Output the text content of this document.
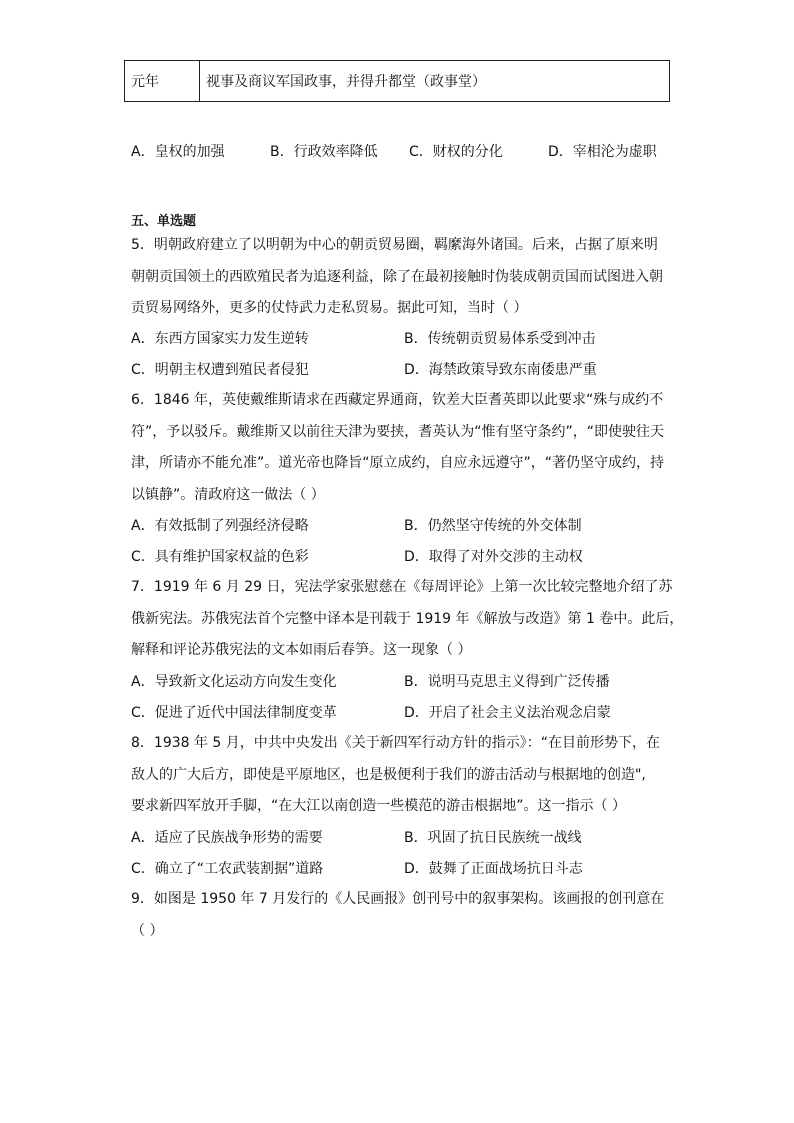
元年	视事及商议军国政事，并得升都堂（政事堂）
A．皇权的加强	B．行政效率降低	C．财权的分化	D．宰相沦为虚职
五、单选题
5．明朝政府建立了以明朝为中心的朝贡贸易圈，羁縻海外诸国。后来，占据了原来明
朝朝贡国领土的西欧殖民者为追逐利益，除了在最初接触时伪装成朝贡国而试图进入朝
贡贸易网络外，更多的仗恃武力走私贸易。据此可知，当时（ ）
A．东西方国家实力发生逆转	B．传统朝贡贸易体系受到冲击
C．明朝主权遭到殖民者侵犯	D．海禁政策导致东南倭患严重
6．1846 年，英使戴维斯请求在西藏定界通商，钦差大臣耆英即以此要求“殊与成约不
符”，予以驳斥。戴维斯又以前往天津为要挟，耆英认为“惟有坚守条约”，“即使驶往天
津，所请亦不能允准”。道光帝也降旨“原立成约，自应永远遵守”，“著仍坚守成约，持
以镇静”。清政府这一做法（ ）
A．有效抵制了列强经济侵略	B．仍然坚守传统的外交体制
C．具有维护国家权益的色彩	D．取得了对外交涉的主动权
7．1919 年 6 月 29 日，宪法学家张慰慈在《每周评论》上第一次比较完整地介绍了苏
俄新宪法。苏俄宪法首个完整中译本是刊载于 1919 年《解放与改造》第 1 卷中。此后，
解释和评论苏俄宪法的文本如雨后春笋。这一现象（ ）
A．导致新文化运动方向发生变化	B．说明马克思主义得到广泛传播
C．促进了近代中国法律制度变革	D．开启了社会主义法治观念启蒙
8．1938 年 5 月，中共中央发出《关于新四军行动方针的指示》：“在目前形势下，在
敌人的广大后方，即使是平原地区，也是极便利于我们的游击活动与根据地的创造",
要求新四军放开手脚，“在大江以南创造一些模范的游击根据地”。这一指示（ ）
A．适应了民族战争形势的需要	B．巩固了抗日民族统一战线
C．确立了“工农武装割据”道路	D．鼓舞了正面战场抗日斗志
9．如图是 1950 年 7 月发行的《人民画报》创刊号中的叙事架构。该画报的创刊意在
（ ）
